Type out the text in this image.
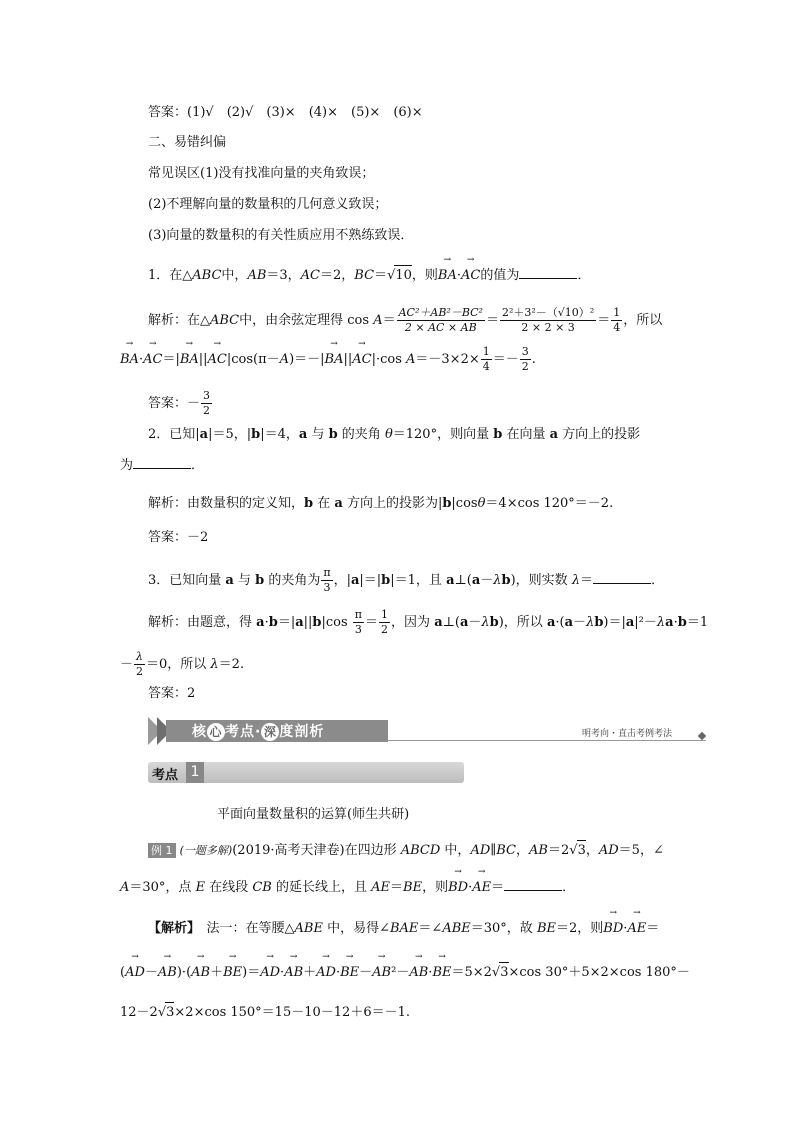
答案：(1)√　(2)√　(3)×　(4)×　(5)×　(6)×
二、易错纠偏
常见误区(1)没有找准向量的夹角致误；
(2)不理解向量的数量积的几何意义致误；
(3)向量的数量积的有关性质应用不熟练致误．
1．在△ABC中，AB＝3，AC＝2，BC＝√10，则→ BA·→ AC的值为	．
解析：在△ABC中，由余弦定理得 $\cos A= \frac{\text{AC²＋AB²－BC²}}{2 \times AC \times AB} = \frac{\text{2²＋3²－（√10）²}}{2 \times 2 \times 3} = \frac{1}{4}$ ，所以
→ BA·→ AC＝|→ BA||→ AC|cos(π－A)＝－|→ BA||→ AC|·cos $A=-3\times 2\times \frac{1}{4} =- \frac{3}{2}$ .
答案：－ $\frac{3}{2}$
2．已知|a|＝5，|b|＝4，a 与 b 的夹角 θ＝120°，则向量 b 在向量 a 方向上的投影
为	．
解析：由数量积的定义知，b 在 a 方向上的投影为|b|cosθ＝4×cos 120°＝－2.
答案：－2
3．已知向量 a 与 b 的夹角为 $\frac{\pi}{3}$ ，|a|＝|b|＝1，且 a⊥(a－λb)，则实数 λ＝	．
解析：由题意，得 $a\cdot b=|a||b|\cos \frac{\pi}{3} = \frac{1}{2}$ ，因为 a⊥(a－λb)，所以 a·(a－λb)＝|a|²－λa·b＝1
－ $\frac{\lambda}{2} =0$，所以 λ＝2.
答案：2
核 心 考点· 深 度剖析	明考向・直击考例考法
考点 1
平面向量数量积的运算(师生共研)
例 1 (一题多解)(2019·高考天津卷)在四边形 ABCD 中，AD∥BC，AB＝2√3，AD＝5，∠
A＝30°，点 E 在线段 CB 的延长线上，且 AE＝BE，则→ BD·→ AE＝	．
【解析】　法一：在等腰△ABE 中，易得∠BAE＝∠ABE＝30°，故 BE＝2，则→ BD·→ AE＝
(→ AD－→ AB)·(→ AB＋→ BE)＝→ AD·→ AB＋→ AD·→ BE－→ AB²－→ AB·→ BE＝5×2√3×cos 30°＋5×2×cos 180°－
12－2√3×2×cos 150°＝15－10－12＋6＝－1.
